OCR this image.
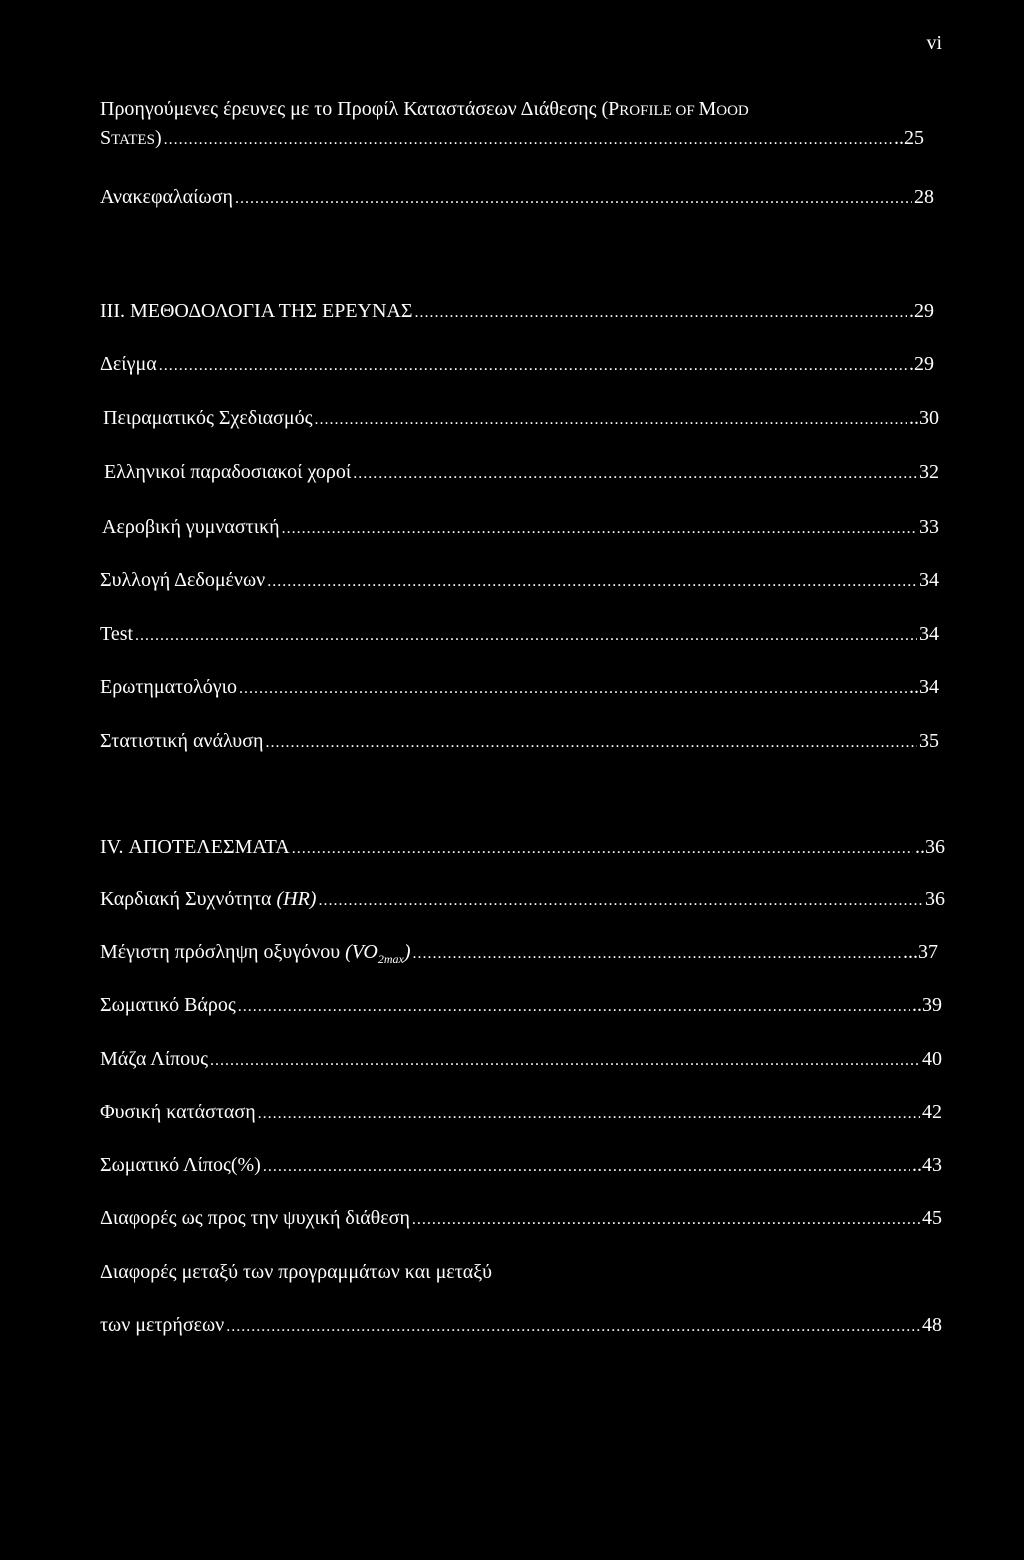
vi
Προηγούμενες έρευνες με το Προφίλ Καταστάσεων Διάθεσης (PROFILE OF MOOD
STATES) .....	..25
Ανακεφαλαίωση .....	28
III. ΜΕΘΟΔΟΛΟΓΙΑ ΤΗΣ ΕΡΕΥΝΑΣ .....	.29
Δείγμα .....	.29
Πειραματικός Σχεδιασμός .....	..30
Ελληνικοί παραδοσιακοί χοροί .....	32
Αεροβική γυμναστική .....	33
Συλλογή Δεδομένων .....	34
Test .....	34
Ερωτηματολόγιο .....	..34
Στατιστική ανάλυση .....	35
IV. ΑΠΟΤΕΛΕΣΜΑΤΑ .....	..36
Καρδιακή Συχνότητα (HR) .....	36
Μέγιστη πρόσληψη οξυγόνου $(VO_{2max})$ .....	...37
Σωματικό Βάρος .....	..39
Μάζα Λίπους .....	40
Φυσική κατάσταση .....	42
Σωματικό Λίπος(%) .....	..43
Διαφορές ως προς την ψυχική διάθεση .....	45
Διαφορές μεταξύ των προγραμμάτων και μεταξύ
των μετρήσεων .....	48
